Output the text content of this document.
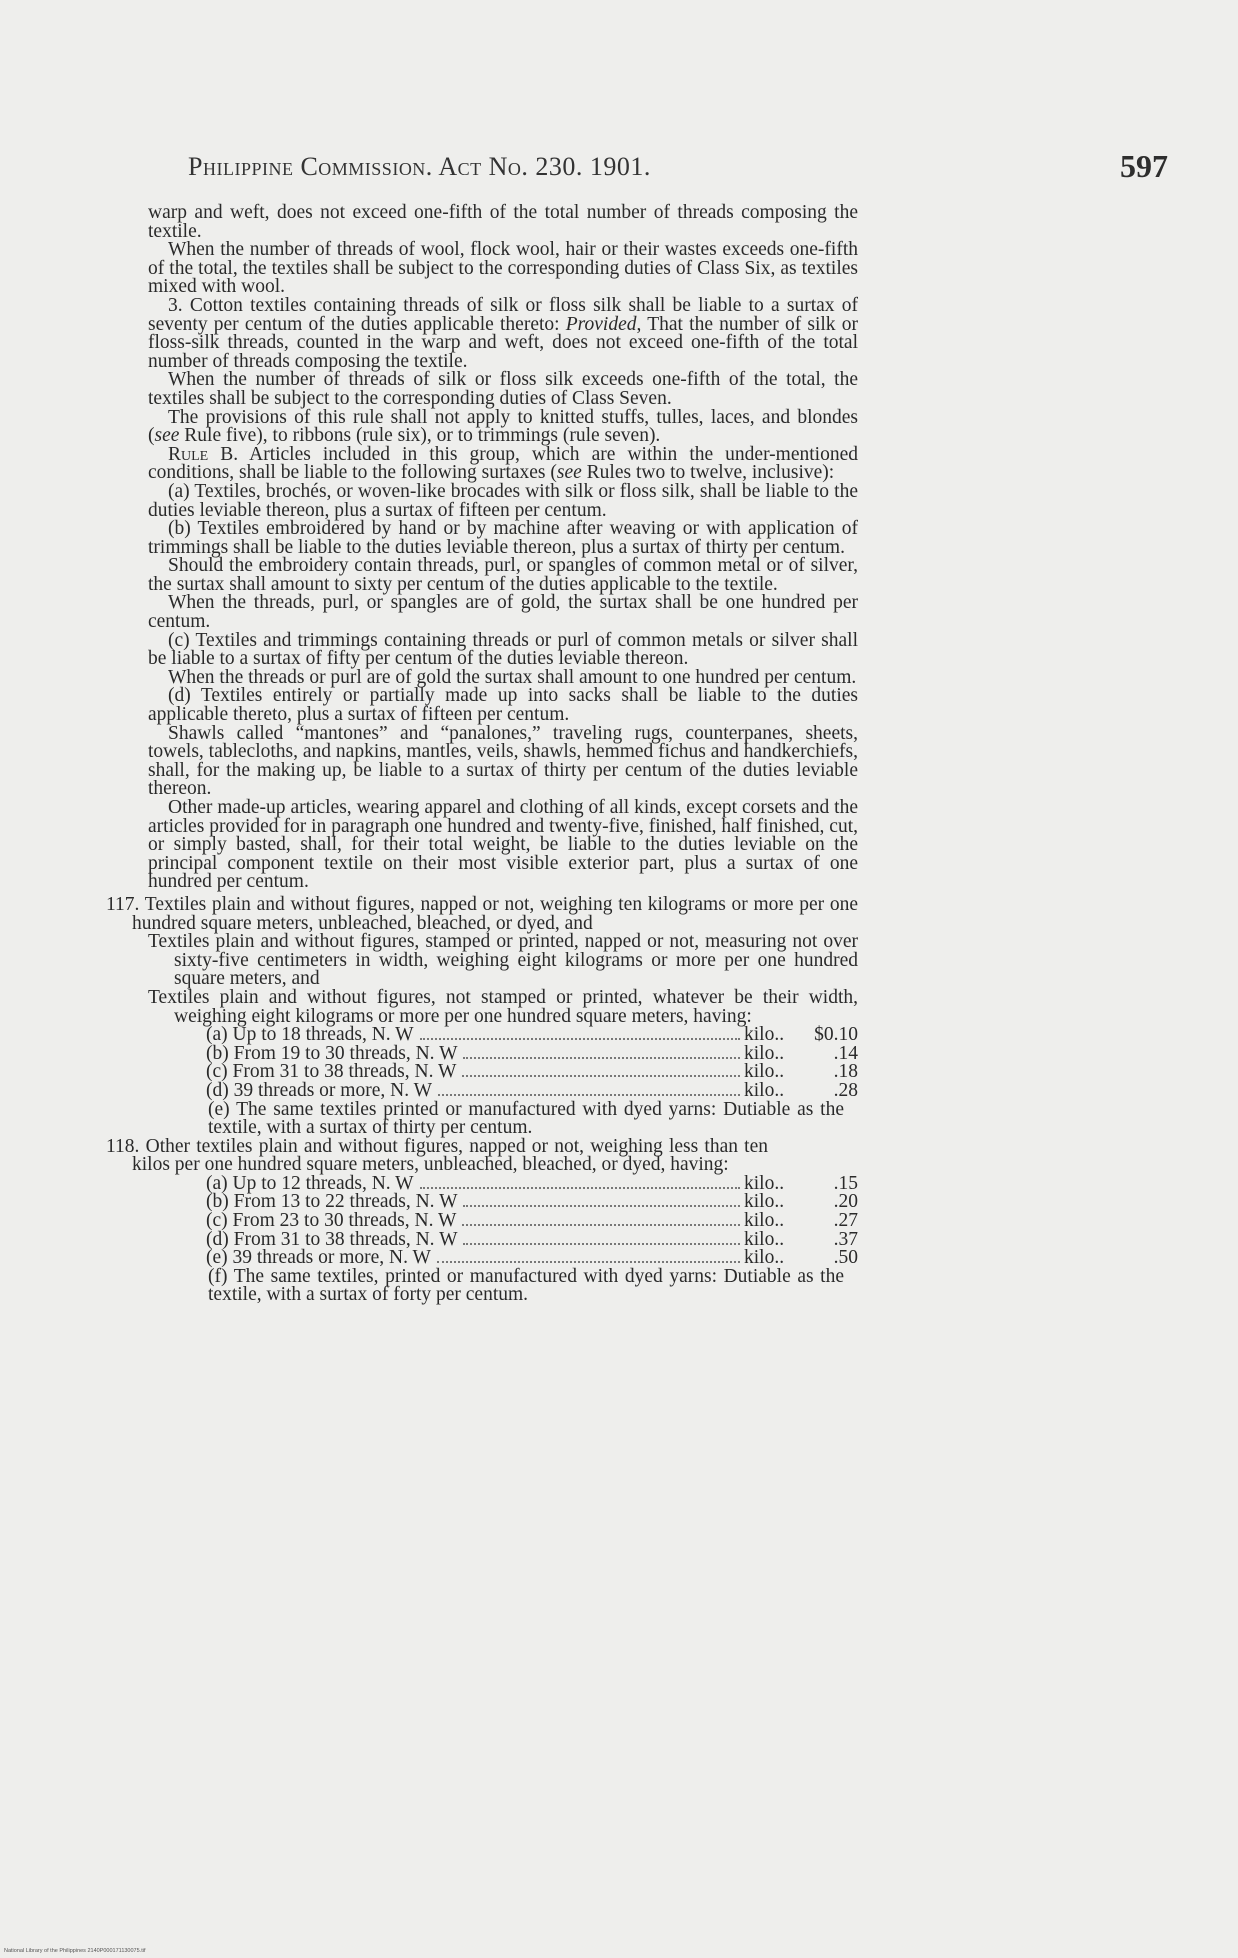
Philippine Commission. Act No. 230. 1901.	597

warp and weft, does not exceed one-fifth of the total number of threads composing the textile.

When the number of threads of wool, flock wool, hair or their wastes exceeds one-fifth of the total, the textiles shall be subject to the corresponding duties of Class Six, as textiles mixed with wool.

3. Cotton textiles containing threads of silk or floss silk shall be liable to a surtax of seventy per centum of the duties applicable thereto: Provided, That the number of silk or floss-silk threads, counted in the warp and weft, does not exceed one-fifth of the total number of threads composing the textile.

When the number of threads of silk or floss silk exceeds one-fifth of the total, the textiles shall be subject to the corresponding duties of Class Seven.

The provisions of this rule shall not apply to knitted stuffs, tulles, laces, and blondes (see Rule five), to ribbons (rule six), or to trimmings (rule seven).

Rule B. Articles included in this group, which are within the under-mentioned conditions, shall be liable to the following surtaxes (see Rules two to twelve, inclusive):

(a) Textiles, brochés, or woven-like brocades with silk or floss silk, shall be liable to the duties leviable thereon, plus a surtax of fifteen per centum.

(b) Textiles embroidered by hand or by machine after weaving or with application of trimmings shall be liable to the duties leviable thereon, plus a surtax of thirty per centum.

Should the embroidery contain threads, purl, or spangles of common metal or of silver, the surtax shall amount to sixty per centum of the duties applicable to the textile.

When the threads, purl, or spangles are of gold, the surtax shall be one hundred per centum.

(c) Textiles and trimmings containing threads or purl of common metals or silver shall be liable to a surtax of fifty per centum of the duties leviable thereon.

When the threads or purl are of gold the surtax shall amount to one hundred per centum.

(d) Textiles entirely or partially made up into sacks shall be liable to the duties applicable thereto, plus a surtax of fifteen per centum.

Shawls called “mantones” and “panalones,” traveling rugs, counterpanes, sheets, towels, tablecloths, and napkins, mantles, veils, shawls, hemmed fichus and handkerchiefs, shall, for the making up, be liable to a surtax of thirty per centum of the duties leviable thereon.

Other made-up articles, wearing apparel and clothing of all kinds, except corsets and the articles provided for in paragraph one hundred and twenty-five, finished, half finished, cut, or simply basted, shall, for their total weight, be liable to the duties leviable on the principal component textile on their most visible exterior part, plus a surtax of one hundred per centum.

117. Textiles plain and without figures, napped or not, weighing ten kilograms or more per one hundred square meters, unbleached, bleached, or dyed, and

Textiles plain and without figures, stamped or printed, napped or not, measuring not over sixty-five centimeters in width, weighing eight kilograms or more per one hundred square meters, and

Textiles plain and without figures, not stamped or printed, whatever be their width, weighing eight kilograms or more per one hundred square meters, having:

(a) Up to 18 threads, N. W	kilo..	$0.10
(b) From 19 to 30 threads, N. W	kilo..	.14
(c) From 31 to 38 threads, N. W	kilo..	.18
(d) 39 threads or more, N. W	kilo..	.28

(e) The same textiles printed or manufactured with dyed yarns: Dutiable as the textile, with a surtax of thirty per centum.

118. Other textiles plain and without figures, napped or not, weighing less than ten kilos per one hundred square meters, unbleached, bleached, or dyed, having:

(a) Up to 12 threads, N. W	kilo..	.15
(b) From 13 to 22 threads, N. W	kilo..	.20
(c) From 23 to 30 threads, N. W	kilo..	.27
(d) From 31 to 38 threads, N. W	kilo..	.37
(e) 39 threads or more, N. W	kilo..	.50

(f) The same textiles, printed or manufactured with dyed yarns: Dutiable as the textile, with a surtax of forty per centum.

National Library of the Philippines 2140P000171130075.tif
